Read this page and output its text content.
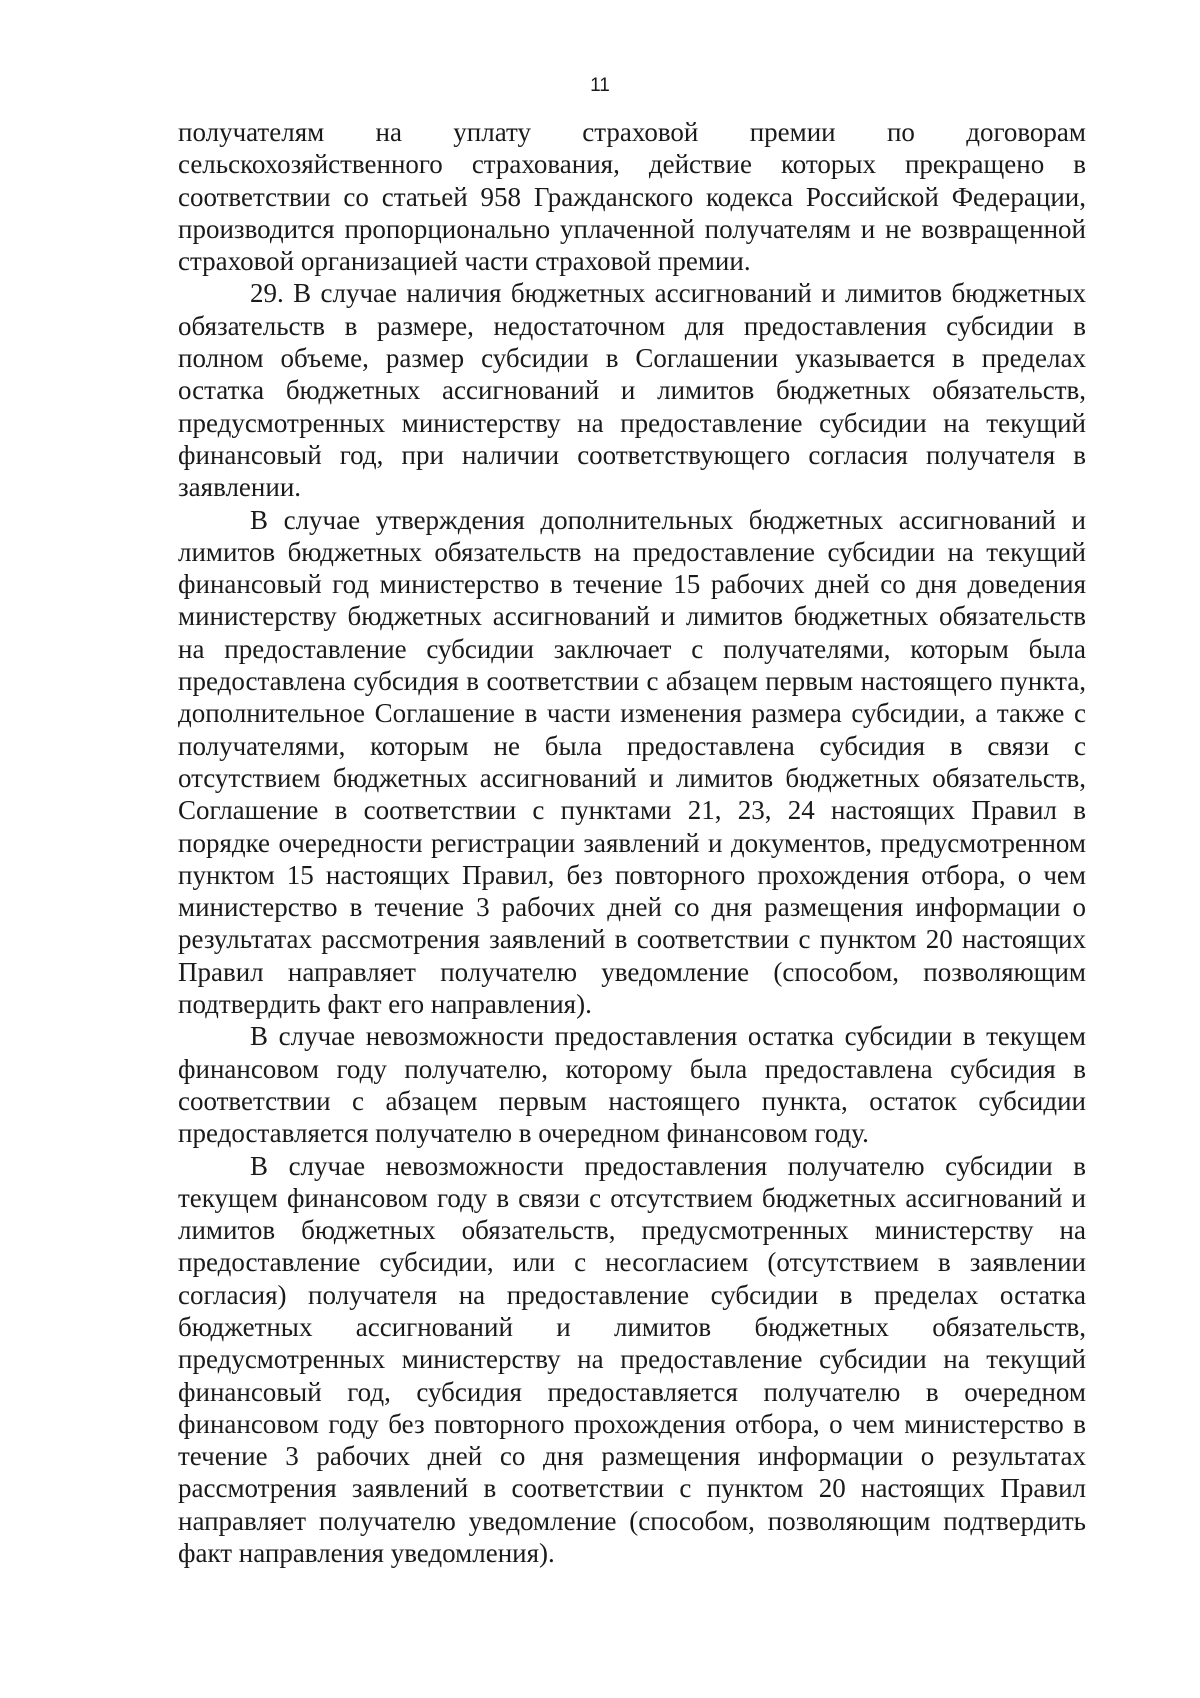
11

получателям на уплату страховой премии по договорам сельскохозяйственного страхования, действие которых прекращено в соответствии со статьей 958 Гражданского кодекса Российской Федерации, производится пропорционально уплаченной получателям и не возвращенной страховой организацией части страховой премии.

29. В случае наличия бюджетных ассигнований и лимитов бюджетных обязательств в размере, недостаточном для предоставления субсидии в полном объеме, размер субсидии в Соглашении указывается в пределах остатка бюджетных ассигнований и лимитов бюджетных обязательств, предусмотренных министерству на предоставление субсидии на текущий финансовый год, при наличии соответствующего согласия получателя в заявлении.

В случае утверждения дополнительных бюджетных ассигнований и лимитов бюджетных обязательств на предоставление субсидии на текущий финансовый год министерство в течение 15 рабочих дней со дня доведения министерству бюджетных ассигнований и лимитов бюджетных обязательств на предоставление субсидии заключает с получателями, которым была предоставлена субсидия в соответствии с абзацем первым настоящего пункта, дополнительное Соглашение в части изменения размера субсидии, а также с получателями, которым не была предоставлена субсидия в связи с отсутствием бюджетных ассигнований и лимитов бюджетных обязательств, Соглашение в соответствии с пунктами 21, 23, 24 настоящих Правил в порядке очередности регистрации заявлений и документов, предусмотренном пунктом 15 настоящих Правил, без повторного прохождения отбора, о чем министерство в течение 3 рабочих дней со дня размещения информации о результатах рассмотрения заявлений в соответствии с пунктом 20 настоящих Правил направляет получателю уведомление (способом, позволяющим подтвердить факт его направления).

В случае невозможности предоставления остатка субсидии в текущем финансовом году получателю, которому была предоставлена субсидия в соответствии с абзацем первым настоящего пункта, остаток субсидии предоставляется получателю в очередном финансовом году.

В случае невозможности предоставления получателю субсидии в текущем финансовом году в связи с отсутствием бюджетных ассигнований и лимитов бюджетных обязательств, предусмотренных министерству на предоставление субсидии, или с несогласием (отсутствием в заявлении согласия) получателя на предоставление субсидии в пределах остатка бюджетных ассигнований и лимитов бюджетных обязательств, предусмотренных министерству на предоставление субсидии на текущий финансовый год, субсидия предоставляется получателю в очередном финансовом году без повторного прохождения отбора, о чем министерство в течение 3 рабочих дней со дня размещения информации о результатах рассмотрения заявлений в соответствии с пунктом 20 настоящих Правил направляет получателю уведомление (способом, позволяющим подтвердить факт направления уведомления).
